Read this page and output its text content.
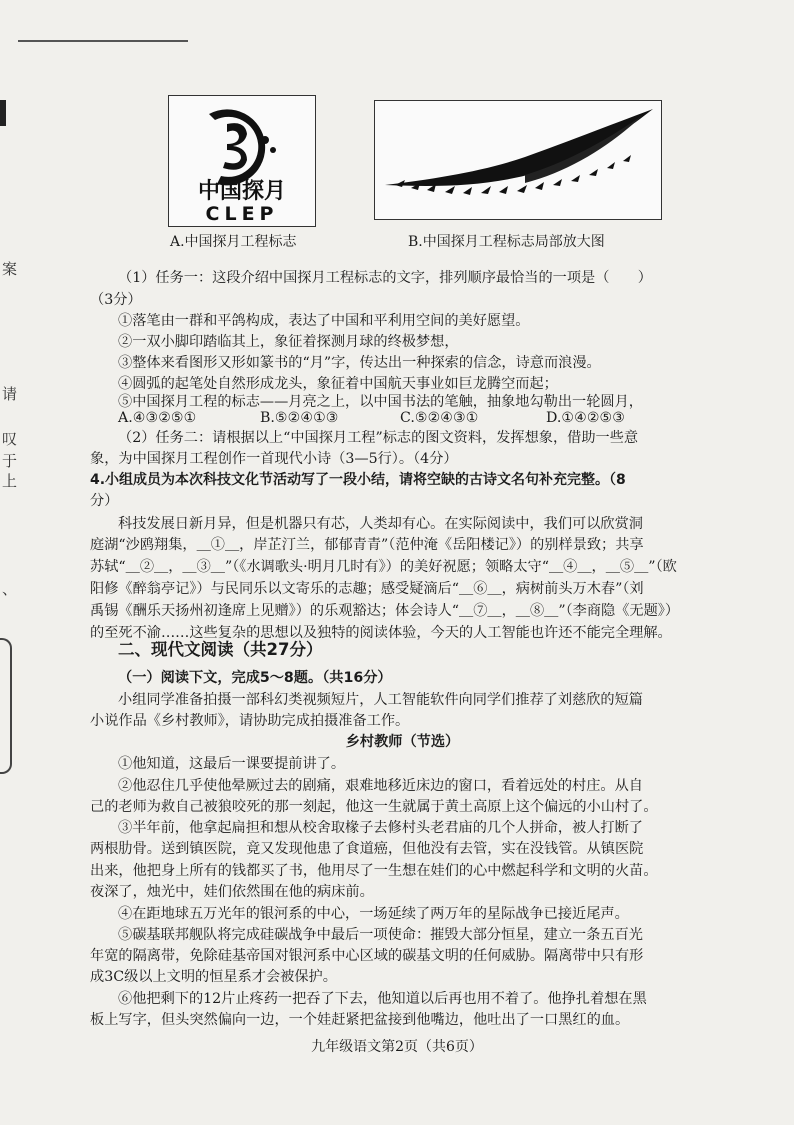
案
请
叹
于
上
、
中国探月
CLEP
A.中国探月工程标志	B.中国探月工程标志局部放大图
（1）任务一：这段介绍中国探月工程标志的文字，排列顺序最恰当的一项是（　　）
（3分）
①落笔由一群和平鸽构成，表达了中国和平利用空间的美好愿望。
②一双小脚印踏临其上，象征着探测月球的终极梦想，
③整体来看图形又形如篆书的“月”字，传达出一种探索的信念，诗意而浪漫。
④圆弧的起笔处自然形成龙头，象征着中国航天事业如巨龙腾空而起；
⑤中国探月工程的标志——月亮之上，以中国书法的笔触，抽象地勾勒出一轮圆月，
A.④③②⑤①	B.⑤②④①③	C.⑤②④③①	D.①④②⑤③
（2）任务二：请根据以上“中国探月工程”标志的图文资料，发挥想象，借助一些意
象，为中国探月工程创作一首现代小诗（3—5行）。（4分）
4.小组成员为本次科技文化节活动写了一段小结，请将空缺的古诗文名句补充完整。（8
分）
科技发展日新月异，但是机器只有芯，人类却有心。在实际阅读中，我们可以欣赏洞
庭湖“沙鸥翔集，＿①＿，岸芷汀兰，郁郁青青”（范仲淹《岳阳楼记》）的别样景致；共享
苏轼“＿②＿，＿③＿”（《水调歌头·明月几时有》）的美好祝愿；领略太守“＿④＿，＿⑤＿”（欧
阳修《醉翁亭记》）与民同乐以文寄乐的志趣；感受疑滴后“＿⑥＿，病树前头万木春”（刘
禹锡《酬乐天扬州初逢席上见赠》）的乐观豁达；体会诗人“＿⑦＿，＿⑧＿”（李商隐《无题》）
的至死不渝……这些复杂的思想以及独特的阅读体验，今天的人工智能也许还不能完全理解。
二、现代文阅读（共27分）
（一）阅读下文，完成5～8题。（共16分）
小组同学准备拍摄一部科幻类视频短片，人工智能软件向同学们推荐了刘慈欣的短篇
小说作品《乡村教师》，请协助完成拍摄准备工作。
乡村教师（节选）
①他知道，这最后一课要提前讲了。
②他忍住几乎使他晕厥过去的剧痛，艰难地移近床边的窗口，看着远处的村庄。从自
己的老师为救自己被狼咬死的那一刻起，他这一生就属于黄土高原上这个偏远的小山村了。
③半年前，他拿起扁担和想从校舍取椽子去修村头老君庙的几个人拼命，被人打断了
两根肋骨。送到镇医院，竟又发现他患了食道癌，但他没有去管，实在没钱管。从镇医院
出来，他把身上所有的钱都买了书，他用尽了一生想在娃们的心中燃起科学和文明的火苗。
夜深了，烛光中，娃们依然围在他的病床前。
④在距地球五万光年的银河系的中心，一场延续了两万年的星际战争已接近尾声。
⑤碳基联邦舰队将完成硅碳战争中最后一项使命：摧毁大部分恒星，建立一条五百光
年宽的隔离带，免除硅基帝国对银河系中心区域的碳基文明的任何威胁。隔离带中只有形
成3C级以上文明的恒星系才会被保护。
⑥他把剩下的12片止疼药一把吞了下去，他知道以后再也用不着了。他挣扎着想在黑
板上写字，但头突然偏向一边，一个娃赶紧把盆接到他嘴边，他吐出了一口黑红的血。
九年级语文第2页（共6页）
